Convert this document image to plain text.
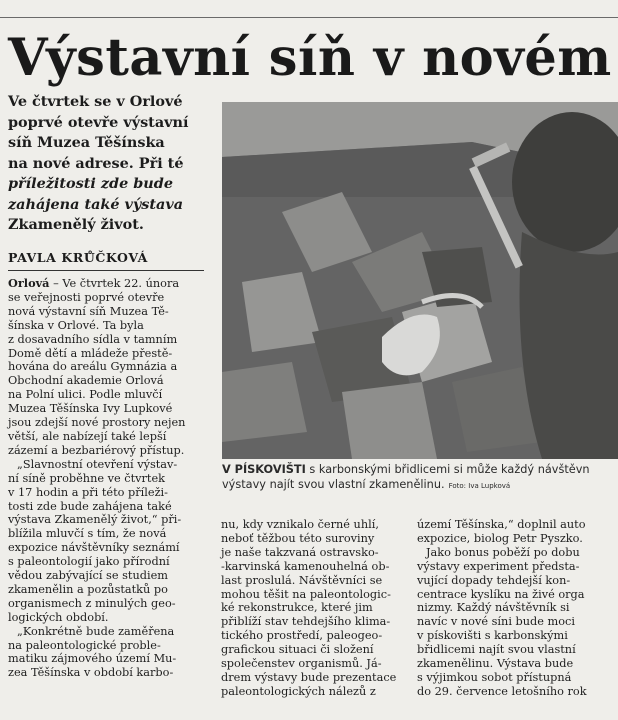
Výstavní síň v novém
Ve čtvrtek se v Orlové
poprvé otevře výstavní
síň Muzea Těšínska
na nové adrese. Při té
příležitosti zde bude
zahájena také výstava
Zkamenělý život.
PAVLA KRŮČKOVÁ
Orlová – Ve čtvrtek 22. února
se veřejnosti poprvé otevře
nová výstavní síň Muzea Tě-
šínska v Orlové. Ta byla
z dosavadního sídla v tamním
Domě dětí a mládeže přestě-
hována do areálu Gymnázia a
Obchodní akademie Orlová
na Polní ulici. Podle mluvčí
Muzea Těšínska Ivy Lupkové
jsou zdejší nové prostory nejen
větší, ale nabízejí také lepší
zázemí a bezbariérový přístup.
„Slavnostní otevření výstav-
ní síně proběhne ve čtvrtek
v 17 hodin a při této příleži-
tosti zde bude zahájena také
výstava Zkamenělý život,“ při-
blížila mluvčí s tím, že nová
expozice návštěvníky seznámí
s paleontologií jako přírodní
vědou zabývající se studiem
zkamenělin a pozůstatků po
organismech z minulých geo-
logických období.
„Konkrétně bude zaměřena
na paleontologické proble-
matiku zájmového území Mu-
zea Těšínska v období karbo-
V PÍSKOVIŠTI s karbonskými břidlicemi si může každý návštěvn
výstavy najít svou vlastní zkamenělinu. Foto: Iva Lupková
nu, kdy vznikalo černé uhlí,
neboť těžbou této suroviny
je naše takzvaná ostravsko-
-karvinská kamenouhelná ob-
last proslulá. Návštěvníci se
mohou těšit na paleontologic-
ké rekonstrukce, které jim
přiblíží stav tehdejšího klima-
tického prostředí, paleogeo-
grafickou situaci či složení
společenstev organismů. Já-
drem výstavy bude prezentace
paleontologických nálezů z
území Těšínska,“ doplnil auto
expozice, biolog Petr Pyszko.
Jako bonus poběží po dobu
výstavy experiment předsta-
vující dopady tehdejší kon-
centrace kyslíku na živé orga
nizmy. Každý návštěvník si
navíc v nové síni bude moci
v pískovišti s karbonskými
břidlicemi najít svou vlastní
zkamenělinu. Výstava bude
s výjimkou sobot přístupná
do 29. července letošního rok
